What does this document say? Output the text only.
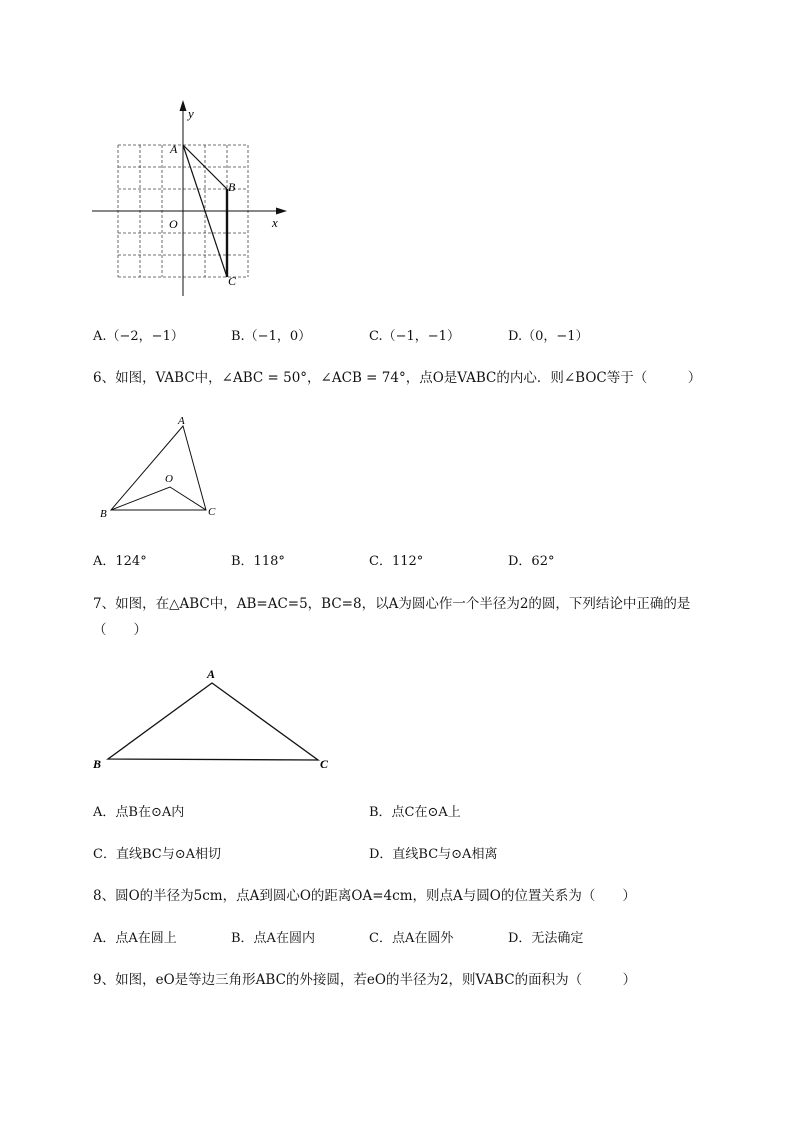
y
x
O
A
B
C
A.（−2，−1）	B.（−1，0）	C.（−1，−1）	D.（0，−1）
6、如图，VABC中，∠ABC = 50°，∠ACB = 74°，点O是VABC的内心．则∠BOC等于（　　　）
A
O
B	C
A．124°	B．118°	C．112°	D．62°
7、如图，在△ABC中，AB=AC=5，BC=8，以A为圆心作一个半径为2的圆，下列结论中正确的是
（　　）
A
B	C
A．点B在⊙A内	B．点C在⊙A上
C．直线BC与⊙A相切	D．直线BC与⊙A相离
8、圆O的半径为5cm，点A到圆心O的距离OA=4cm，则点A与圆O的位置关系为（　　）
A．点A在圆上	B．点A在圆内	C．点A在圆外	D．无法确定
9、如图，eO是等边三角形ABC的外接圆，若eO的半径为2，则VABC的面积为（　　　）
